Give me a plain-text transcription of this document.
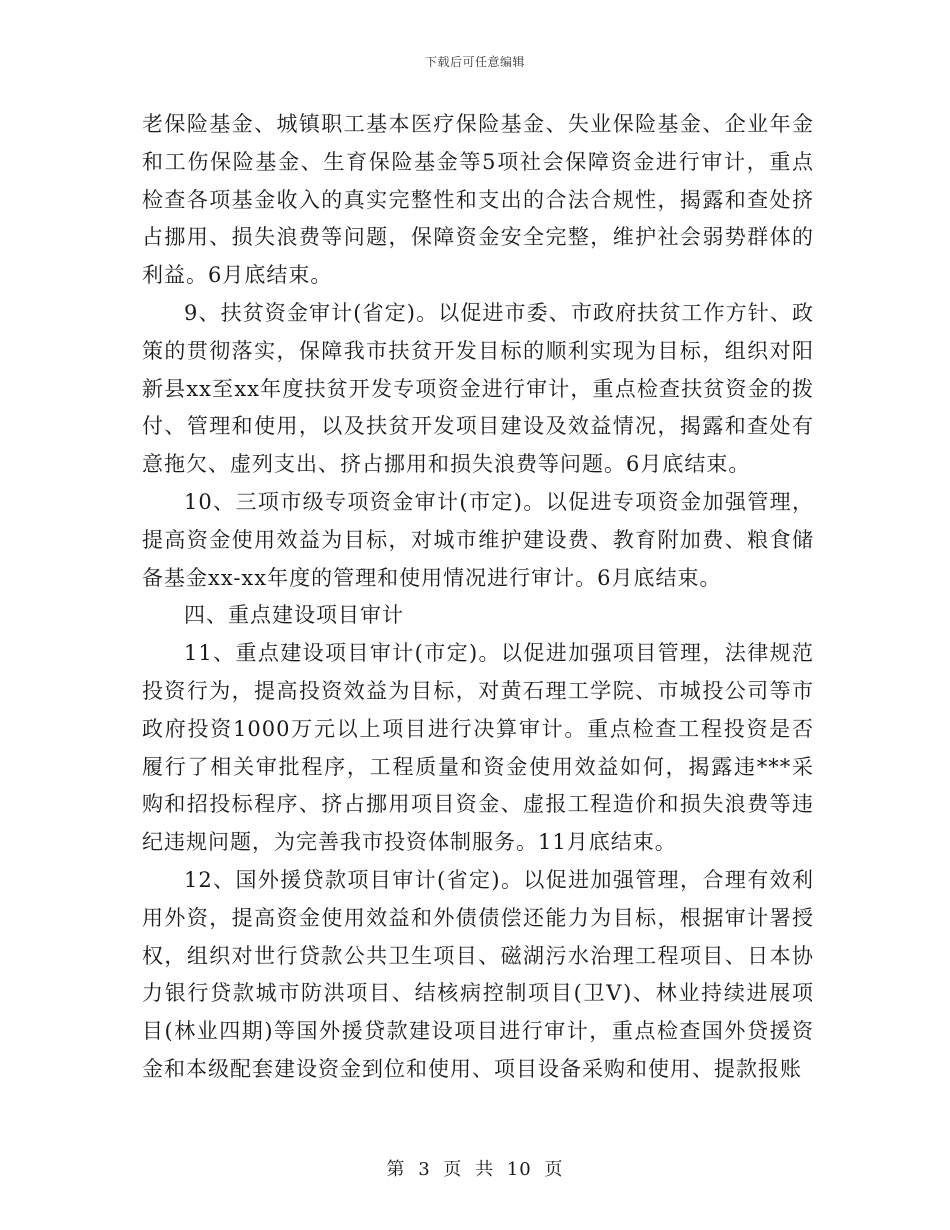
下载后可任意编辑

老保险基金、城镇职工基本医疗保险基金、失业保险基金、企业年金和工伤保险基金、生育保险基金等5项社会保障资金进行审计，重点检查各项基金收入的真实完整性和支出的合法合规性，揭露和查处挤占挪用、损失浪费等问题，保障资金安全完整，维护社会弱势群体的利益。6月底结束。

9、扶贫资金审计(省定)。以促进市委、市政府扶贫工作方针、政策的贯彻落实，保障我市扶贫开发目标的顺利实现为目标，组织对阳新县xx至xx年度扶贫开发专项资金进行审计，重点检查扶贫资金的拨付、管理和使用，以及扶贫开发项目建设及效益情况，揭露和查处有意拖欠、虚列支出、挤占挪用和损失浪费等问题。6月底结束。

10、三项市级专项资金审计(市定)。以促进专项资金加强管理，提高资金使用效益为目标，对城市维护建设费、教育附加费、粮食储备基金xx-xx年度的管理和使用情况进行审计。6月底结束。

四、重点建设项目审计

11、重点建设项目审计(市定)。以促进加强项目管理，法律规范投资行为，提高投资效益为目标，对黄石理工学院、市城投公司等市政府投资1000万元以上项目进行决算审计。重点检查工程投资是否履行了相关审批程序，工程质量和资金使用效益如何，揭露违***采购和招投标程序、挤占挪用项目资金、虚报工程造价和损失浪费等违纪违规问题，为完善我市投资体制服务。11月底结束。

12、国外援贷款项目审计(省定)。以促进加强管理，合理有效利用外资，提高资金使用效益和外债债偿还能力为目标，根据审计署授权，组织对世行贷款公共卫生项目、磁湖污水治理工程项目、日本协力银行贷款城市防洪项目、结核病控制项目(卫Ⅴ)、林业持续进展项目(林业四期)等国外援贷款建设项目进行审计，重点检查国外贷援资金和本级配套建设资金到位和使用、项目设备采购和使用、提款报账

第 3 页 共 10 页
